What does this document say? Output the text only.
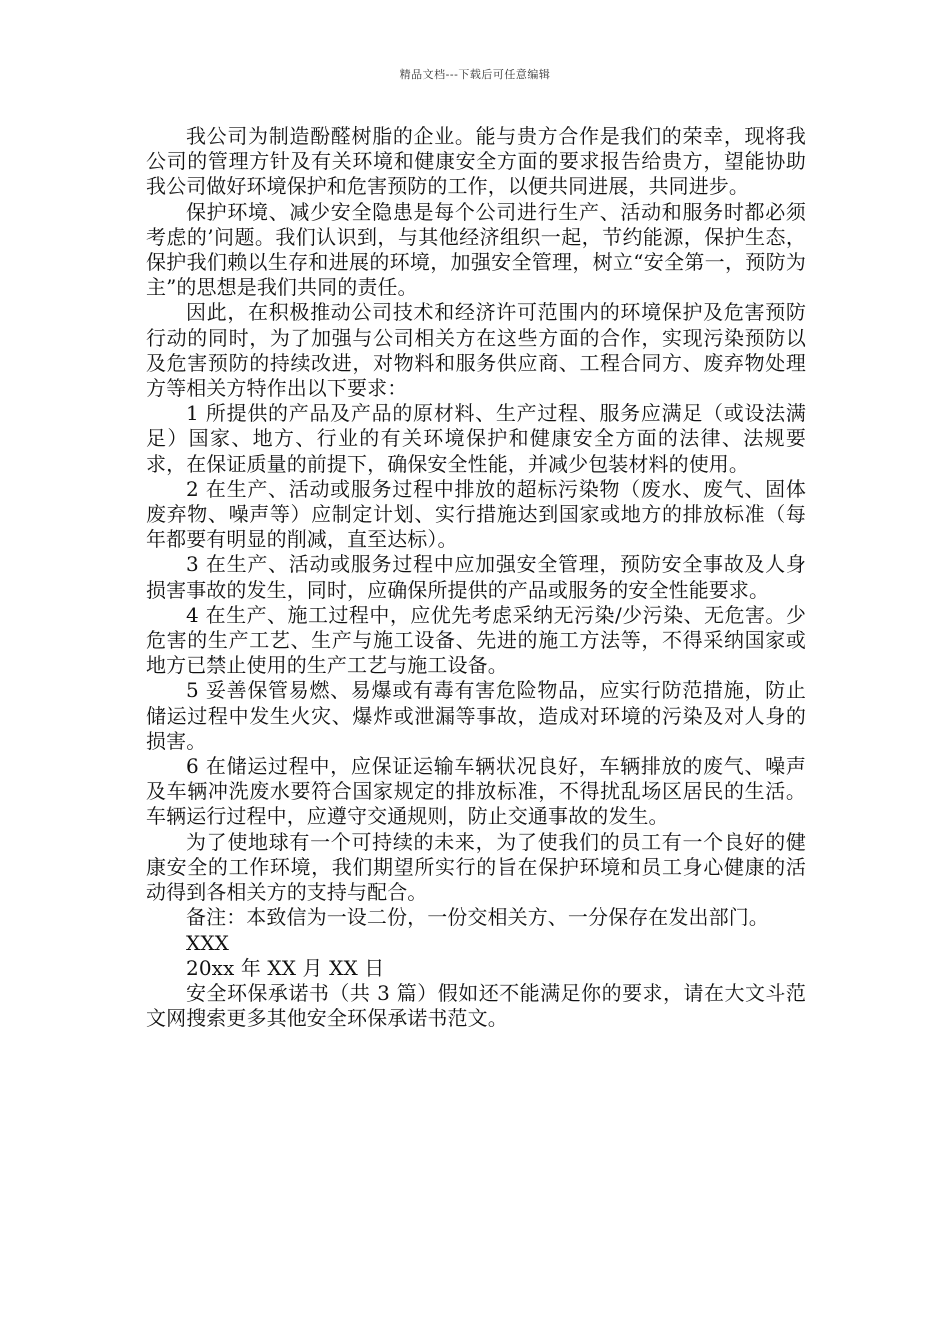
精品文档---下载后可任意编辑

我公司为制造酚醛树脂的企业。能与贵方合作是我们的荣幸，现将我公司的管理方针及有关环境和健康安全方面的要求报告给贵方，望能协助我公司做好环境保护和危害预防的工作，以便共同进展，共同进步。

保护环境、减少安全隐患是每个公司进行生产、活动和服务时都必须考虑的’问题。我们认识到，与其他经济组织一起，节约能源，保护生态，保护我们赖以生存和进展的环境，加强安全管理，树立“安全第一，预防为主”的思想是我们共同的责任。

因此，在积极推动公司技术和经济许可范围内的环境保护及危害预防行动的同时，为了加强与公司相关方在这些方面的合作，实现污染预防以及危害预防的持续改进，对物料和服务供应商、工程合同方、废弃物处理方等相关方特作出以下要求：

1 所提供的产品及产品的原材料、生产过程、服务应满足（或设法满足）国家、地方、行业的有关环境保护和健康安全方面的法律、法规要求，在保证质量的前提下，确保安全性能，并减少包装材料的使用。

2 在生产、活动或服务过程中排放的超标污染物（废水、废气、固体废弃物、噪声等）应制定计划、实行措施达到国家或地方的排放标准（每年都要有明显的削减，直至达标）。

3 在生产、活动或服务过程中应加强安全管理，预防安全事故及人身损害事故的发生，同时，应确保所提供的产品或服务的安全性能要求。

4 在生产、施工过程中，应优先考虑采纳无污染/少污染、无危害。少危害的生产工艺、生产与施工设备、先进的施工方法等，不得采纳国家或地方已禁止使用的生产工艺与施工设备。

5 妥善保管易燃、易爆或有毒有害危险物品，应实行防范措施，防止储运过程中发生火灾、爆炸或泄漏等事故，造成对环境的污染及对人身的损害。

6 在储运过程中，应保证运输车辆状况良好，车辆排放的废气、噪声及车辆冲洗废水要符合国家规定的排放标准，不得扰乱场区居民的生活。车辆运行过程中，应遵守交通规则，防止交通事故的发生。

为了使地球有一个可持续的未来，为了使我们的员工有一个良好的健康安全的工作环境，我们期望所实行的旨在保护环境和员工身心健康的活动得到各相关方的支持与配合。

备注：本致信为一设二份，一份交相关方、一分保存在发出部门。

XXX

20xx 年 XX 月 XX 日

安全环保承诺书（共 3 篇）假如还不能满足你的要求，请在大文斗范文网搜索更多其他安全环保承诺书范文。
